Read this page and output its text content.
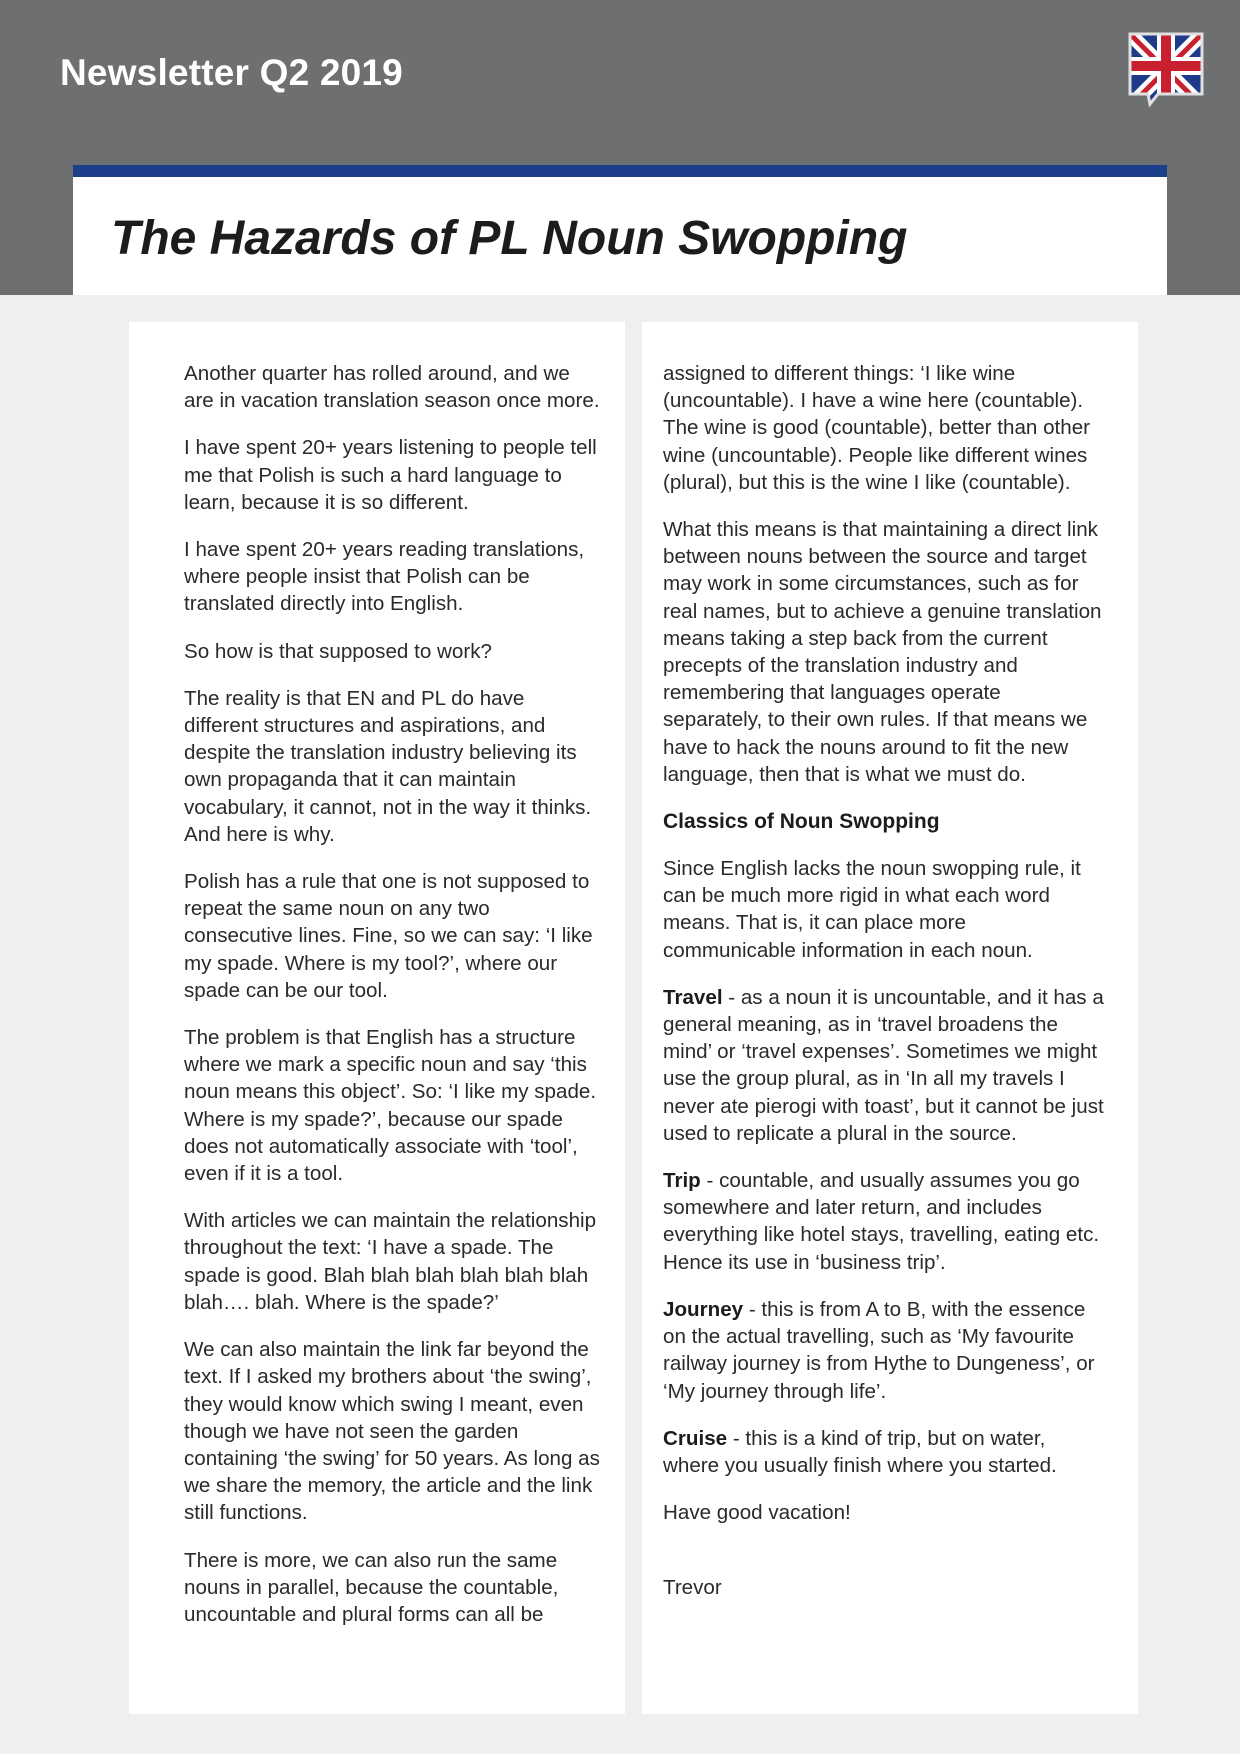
Newsletter Q2 2019
The Hazards of PL Noun Swopping

Another quarter has rolled around, and we are in vacation translation season once more.

I have spent 20+ years listening to people tell me that Polish is such a hard language to learn, because it is so different.

I have spent 20+ years reading translations, where people insist that Polish can be translated directly into English.

So how is that supposed to work?

The reality is that EN and PL do have different structures and aspirations, and despite the translation industry believing its own propaganda that it can maintain vocabulary, it cannot, not in the way it thinks. And here is why.

Polish has a rule that one is not supposed to repeat the same noun on any two consecutive lines. Fine, so we can say: ‘I like my spade. Where is my tool?’, where our spade can be our tool.

The problem is that English has a structure where we mark a specific noun and say ‘this noun means this object’. So: ‘I like my spade. Where is my spade?’, because our spade does not automatically associate with ‘tool’, even if it is a tool.

With articles we can maintain the relationship throughout the text: ‘I have a spade. The spade is good. Blah blah blah blah blah blah blah…. blah. Where is the spade?’

We can also maintain the link far beyond the text. If I asked my brothers about ‘the swing’, they would know which swing I meant, even though we have not seen the garden containing ‘the swing’ for 50 years. As long as we share the memory, the article and the link still functions.

There is more, we can also run the same nouns in parallel, because the countable, uncountable and plural forms can all be

assigned to different things: ‘I like wine (uncountable). I have a wine here (countable). The wine is good (countable), better than other wine (uncountable). People like different wines (plural), but this is the wine I like (countable).

What this means is that maintaining a direct link between nouns between the source and target may work in some circumstances, such as for real names, but to achieve a genuine translation means taking a step back from the current precepts of the translation industry and remembering that languages operate separately, to their own rules. If that means we have to hack the nouns around to fit the new language, then that is what we must do.

Classics of Noun Swopping

Since English lacks the noun swopping rule, it can be much more rigid in what each word means. That is, it can place more communicable information in each noun.

Travel - as a noun it is uncountable, and it has a general meaning, as in ‘travel broadens the mind’ or ‘travel expenses’. Sometimes we might use the group plural, as in ‘In all my travels I never ate pierogi with toast’, but it cannot be just used to replicate a plural in the source.

Trip - countable, and usually assumes you go somewhere and later return, and includes everything like hotel stays, travelling, eating etc. Hence its use in ‘business trip’.

Journey - this is from A to B, with the essence on the actual travelling, such as ‘My favourite railway journey is from Hythe to Dungeness’, or ‘My journey through life’.

Cruise - this is a kind of trip, but on water, where you usually finish where you started.

Have good vacation!

Trevor
